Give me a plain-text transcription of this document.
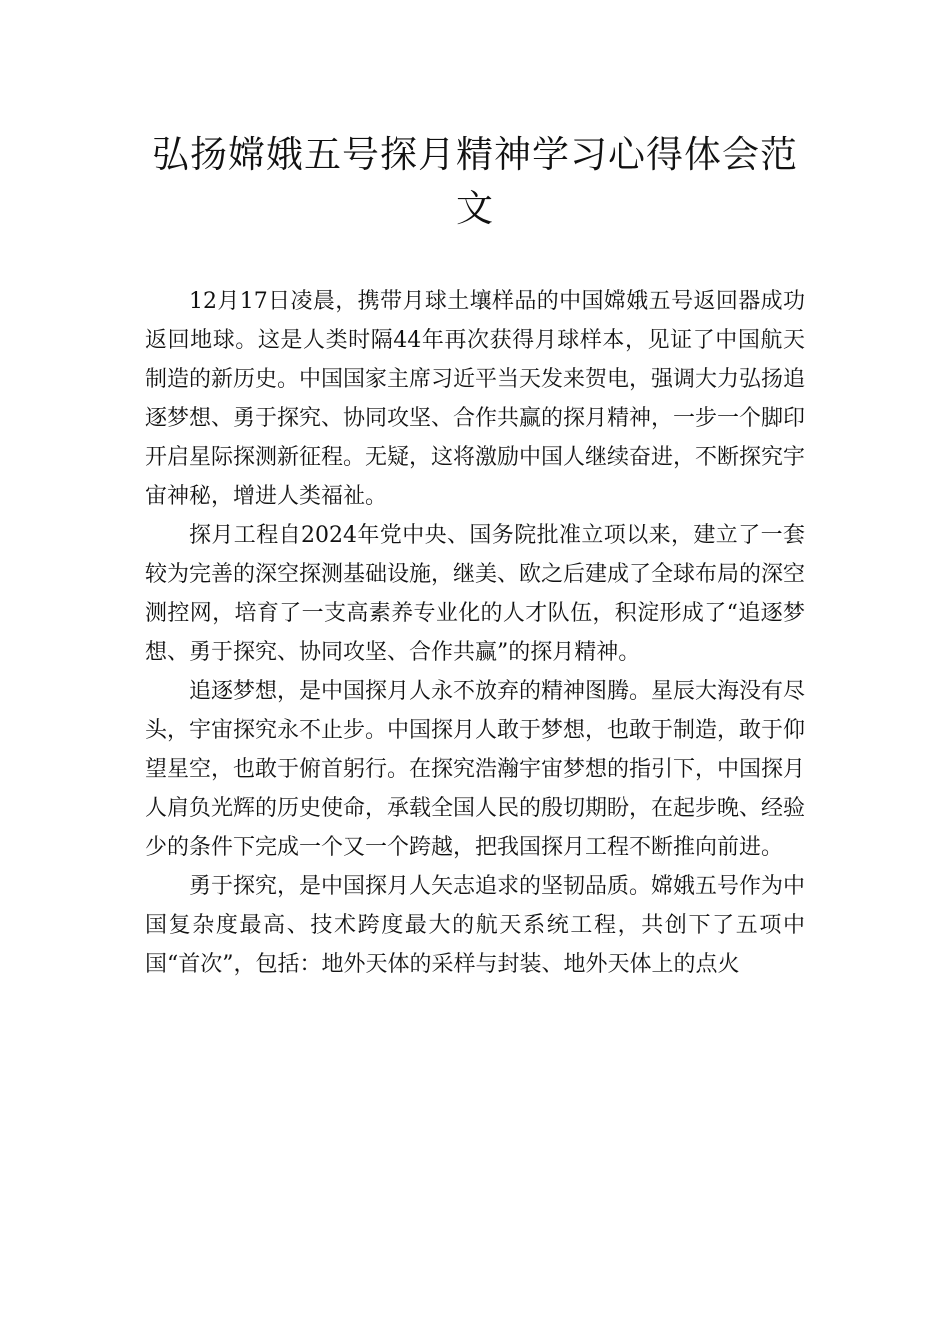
弘扬嫦娥五号探月精神学习心得体会范文

12月17日凌晨，携带月球土壤样品的中国嫦娥五号返回器成功返回地球。这是人类时隔44年再次获得月球样本，见证了中国航天制造的新历史。中国国家主席习近平当天发来贺电，强调大力弘扬追逐梦想、勇于探究、协同攻坚、合作共赢的探月精神，一步一个脚印开启星际探测新征程。无疑，这将激励中国人继续奋进，不断探究宇宙神秘，增进人类福祉。

探月工程自2024年党中央、国务院批准立项以来，建立了一套较为完善的深空探测基础设施，继美、欧之后建成了全球布局的深空测控网，培育了一支高素养专业化的人才队伍，积淀形成了“追逐梦想、勇于探究、协同攻坚、合作共赢”的探月精神。

追逐梦想，是中国探月人永不放弃的精神图腾。星辰大海没有尽头，宇宙探究永不止步。中国探月人敢于梦想，也敢于制造，敢于仰望星空，也敢于俯首躬行。在探究浩瀚宇宙梦想的指引下，中国探月人肩负光辉的历史使命，承载全国人民的殷切期盼，在起步晚、经验少的条件下完成一个又一个跨越，把我国探月工程不断推向前进。

勇于探究，是中国探月人矢志追求的坚韧品质。嫦娥五号作为中国复杂度最高、技术跨度最大的航天系统工程，共创下了五项中国“首次”，包括：地外天体的采样与封装、地外天体上的点火
